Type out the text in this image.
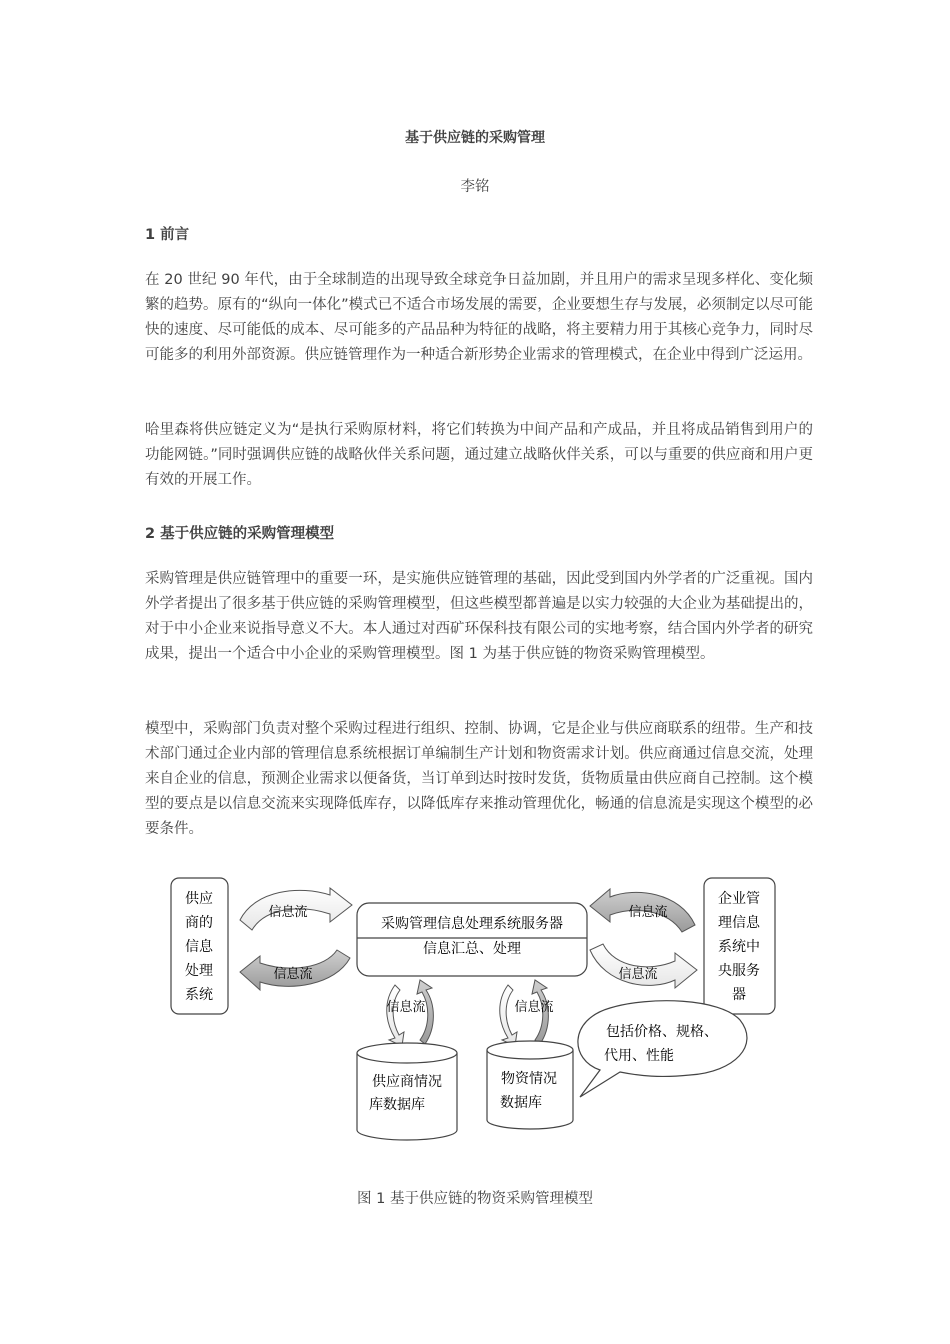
基于供应链的采购管理
李铭
1 前言
在 20 世纪 90 年代，由于全球制造的出现导致全球竞争日益加剧，并且用户的需求呈现多样化、变化频繁的趋势。原有的“纵向一体化”模式已不适合市场发展的需要，企业要想生存与发展，必须制定以尽可能快的速度、尽可能低的成本、尽可能多的产品品种为特征的战略，将主要精力用于其核心竞争力，同时尽可能多的利用外部资源。供应链管理作为一种适合新形势企业需求的管理模式，在企业中得到广泛运用。
哈里森将供应链定义为“是执行采购原材料，将它们转换为中间产品和产成品，并且将成品销售到用户的功能网链。”同时强调供应链的战略伙伴关系问题，通过建立战略伙伴关系，可以与重要的供应商和用户更有效的开展工作。
2 基于供应链的采购管理模型
采购管理是供应链管理中的重要一环，是实施供应链管理的基础，因此受到国内外学者的广泛重视。国内外学者提出了很多基于供应链的采购管理模型，但这些模型都普遍是以实力较强的大企业为基础提出的，对于中小企业来说指导意义不大。本人通过对西矿环保科技有限公司的实地考察，结合国内外学者的研究成果，提出一个适合中小企业的采购管理模型。图 1 为基于供应链的物资采购管理模型。
模型中，采购部门负责对整个采购过程进行组织、控制、协调，它是企业与供应商联系的纽带。生产和技术部门通过企业内部的管理信息系统根据订单编制生产计划和物资需求计划。供应商通过信息交流，处理来自企业的信息，预测企业需求以便备货，当订单到达时按时发货，货物质量由供应商自己控制。这个模型的要点是以信息交流来实现降低库存，以降低库存来推动管理优化，畅通的信息流是实现这个模型的必要条件。
供应
商的
信息
处理
系统
企业管
理信息
系统中
央服务
器
采购管理信息处理系统服务器
信息汇总、处理
信息流
信息流
信息流
信息流
信息流	信息流
供应商情况
库数据库
物资情况
数据库
包括价格、规格、
代用、性能
图 1 基于供应链的物资采购管理模型
